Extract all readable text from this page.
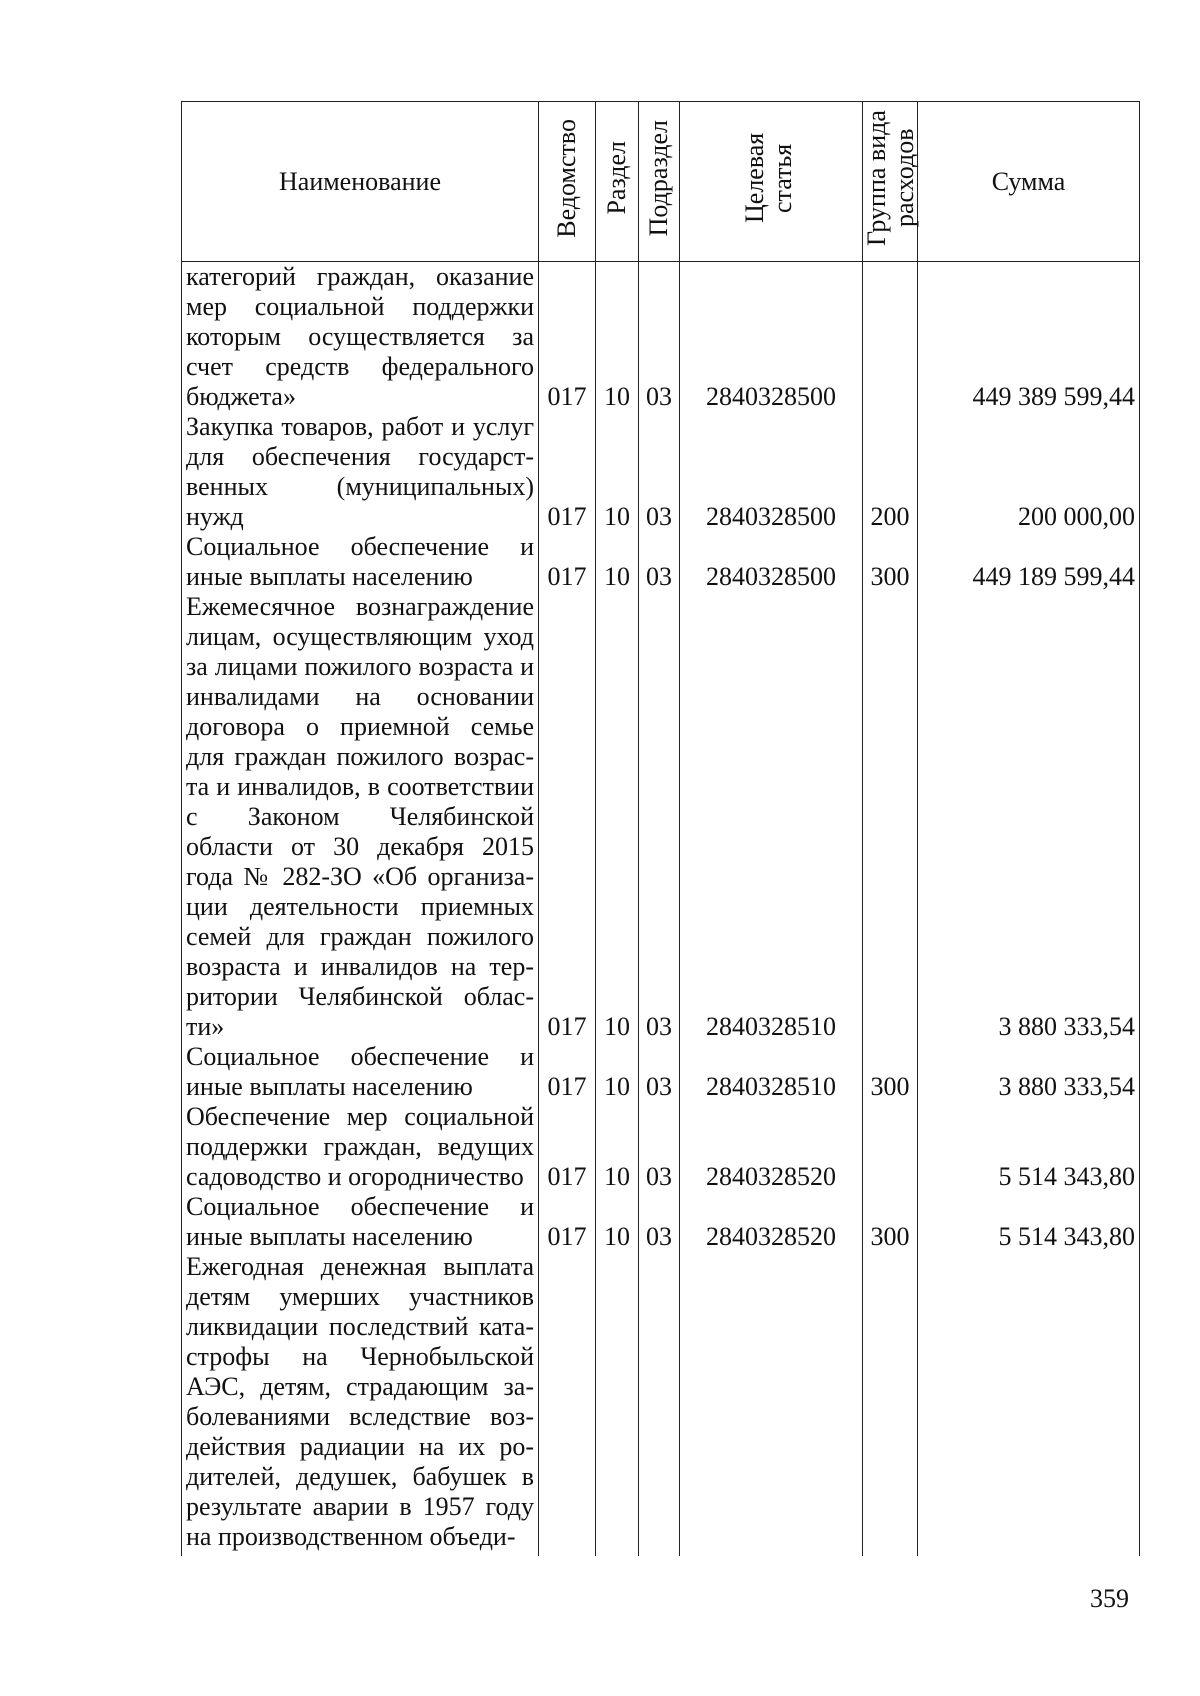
Наименование	Ведомство	Раздел	Подраздел	Целевая статья	Группа вида расходов	Сумма
категорий граждан, оказание мер социальной поддержки которым осуществляется за счет средств федерального бюджета»	017	10	03	2840328500		449 389 599,44
Закупка товаров, работ и услуг для обеспечения государственных (муниципальных) нужд	017	10	03	2840328500	200	200 000,00
Социальное обеспечение и иные выплаты населению	017	10	03	2840328500	300	449 189 599,44
Ежемесячное вознаграждение лицам, осуществляющим уход за лицами пожилого возраста и инвалидами на основании договора о приемной семье для граждан пожилого возраста и инвалидов, в соответствии с Законом Челябинской области от 30 декабря 2015 года № 282-ЗО «Об организации деятельности приемных семей для граждан пожилого возраста и инвалидов на территории Челябинской области»	017	10	03	2840328510		3 880 333,54
Социальное обеспечение и иные выплаты населению	017	10	03	2840328510	300	3 880 333,54
Обеспечение мер социальной поддержки граждан, ведущих садоводство и огородничество	017	10	03	2840328520		5 514 343,80
Социальное обеспечение и иные выплаты населению	017	10	03	2840328520	300	5 514 343,80
Ежегодная денежная выплата детям умерших участников ликвидации последствий катастрофы на Чернобыльской АЭС, детям, страдающим заболеваниями вследствие воздействия радиации на их родителей, дедушек, бабушек в результате аварии в 1957 году на производственном объеди-						
359
